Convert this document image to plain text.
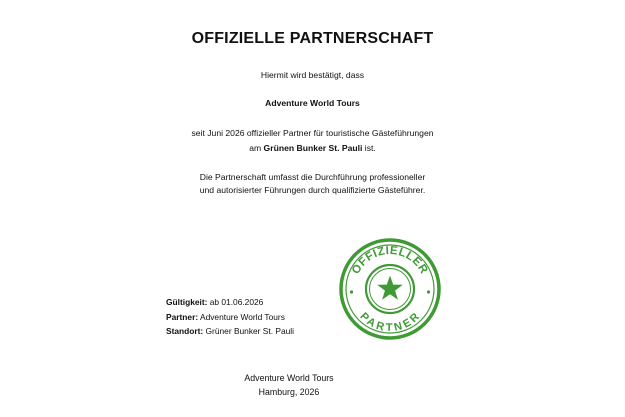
OFFIZIELLE PARTNERSCHAFT
Hiermit wird bestätigt, dass
Adventure World Tours
seit Juni 2026 offizieller Partner für touristische Gästeführungen
am Grünen Bunker St. Pauli ist.
Die Partnerschaft umfasst die Durchführung professioneller
und autorisierter Führungen durch qualifizierte Gästeführer.
Gültigkeit: ab 01.06.2026
Partner: Adventure World Tours
Standort: Grüner Bunker St. Pauli
OFFIZIELLER
PARTNER
Adventure World Tours
Hamburg, 2026
